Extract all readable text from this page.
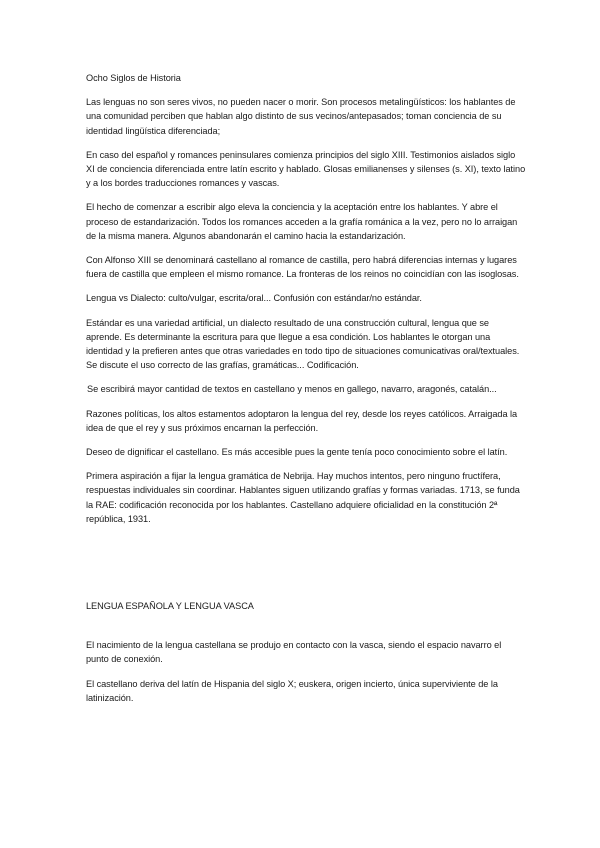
Ocho Siglos de Historia

Las lenguas no son seres vivos, no pueden nacer o morir. Son procesos metalingüísticos: los hablantes de una comunidad perciben que hablan algo distinto de sus vecinos/antepasados; toman conciencia de su identidad lingüística diferenciada;

En caso del español y romances peninsulares comienza principios del siglo XIII. Testimonios aislados siglo XI de conciencia diferenciada entre latín escrito y hablado. Glosas emilianenses y silenses (s. XI), texto latino y a los bordes traducciones romances y vascas.

El hecho de comenzar a escribir algo eleva la conciencia y la aceptación entre los hablantes. Y abre el proceso de estandarización. Todos los romances acceden a la grafía románica a la vez, pero no lo arraigan de la misma manera. Algunos abandonarán el camino hacia la estandarización.

Con Alfonso XIII se denominará castellano al romance de castilla, pero habrá diferencias internas y lugares fuera de castilla que empleen el mismo romance. La fronteras de los reinos no coincidían con las isoglosas.

Lengua vs Dialecto: culto/vulgar, escrita/oral... Confusión con estándar/no estándar.

Estándar es una variedad artificial, un dialecto resultado de una construcción cultural, lengua que se aprende. Es determinante la escritura para que llegue a esa condición. Los hablantes le otorgan una identidad y la prefieren antes que otras variedades en todo tipo de situaciones comunicativas oral/textuales. Se discute el uso correcto de las grafías, gramáticas... Codificación.

Se escribirá mayor cantidad de textos en castellano y menos en gallego, navarro, aragonés, catalán...

Razones políticas, los altos estamentos adoptaron la lengua del rey, desde los reyes católicos. Arraigada la idea de que el rey y sus próximos encarnan la perfección.

Deseo de dignificar el castellano. Es más accesible pues la gente tenía poco conocimiento sobre el latín.

Primera aspiración a fijar la lengua gramática de Nebrija. Hay muchos intentos, pero ninguno fructífera, respuestas individuales sin coordinar. Hablantes siguen utilizando grafías y formas variadas. 1713, se funda la RAE: codificación reconocida por los hablantes. Castellano adquiere oficialidad en la constitución 2ª república, 1931.

LENGUA ESPAÑOLA Y LENGUA VASCA

El nacimiento de la lengua castellana se produjo en contacto con la vasca, siendo el espacio navarro el punto de conexión.

El castellano deriva del latín de Hispania del siglo X; euskera, origen incierto, única superviviente de la latinización.
